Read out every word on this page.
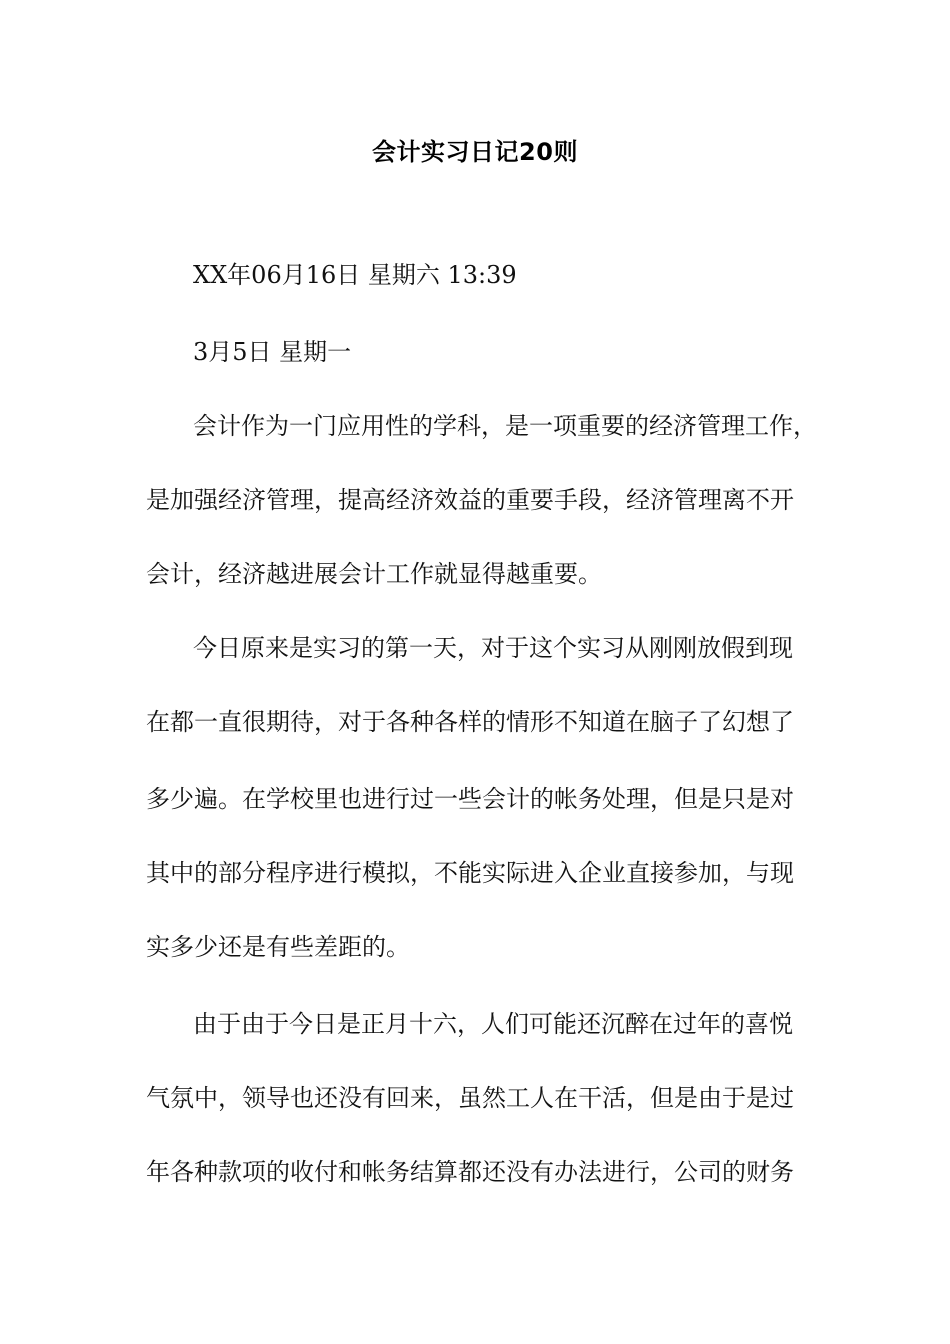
会计实习日记20则
XX年06月16日 星期六 13:39
3月5日 星期一
会计作为一门应用性的学科，是一项重要的经济管理工作，
是加强经济管理，提高经济效益的重要手段，经济管理离不开
会计，经济越进展会计工作就显得越重要。
今日原来是实习的第一天，对于这个实习从刚刚放假到现
在都一直很期待，对于各种各样的情形不知道在脑子了幻想了
多少遍。在学校里也进行过一些会计的帐务处理，但是只是对
其中的部分程序进行模拟，不能实际进入企业直接参加，与现
实多少还是有些差距的。
由于由于今日是正月十六，人们可能还沉醉在过年的喜悦
气氛中，领导也还没有回来，虽然工人在干活，但是由于是过
年各种款项的收付和帐务结算都还没有办法进行，公司的财务
